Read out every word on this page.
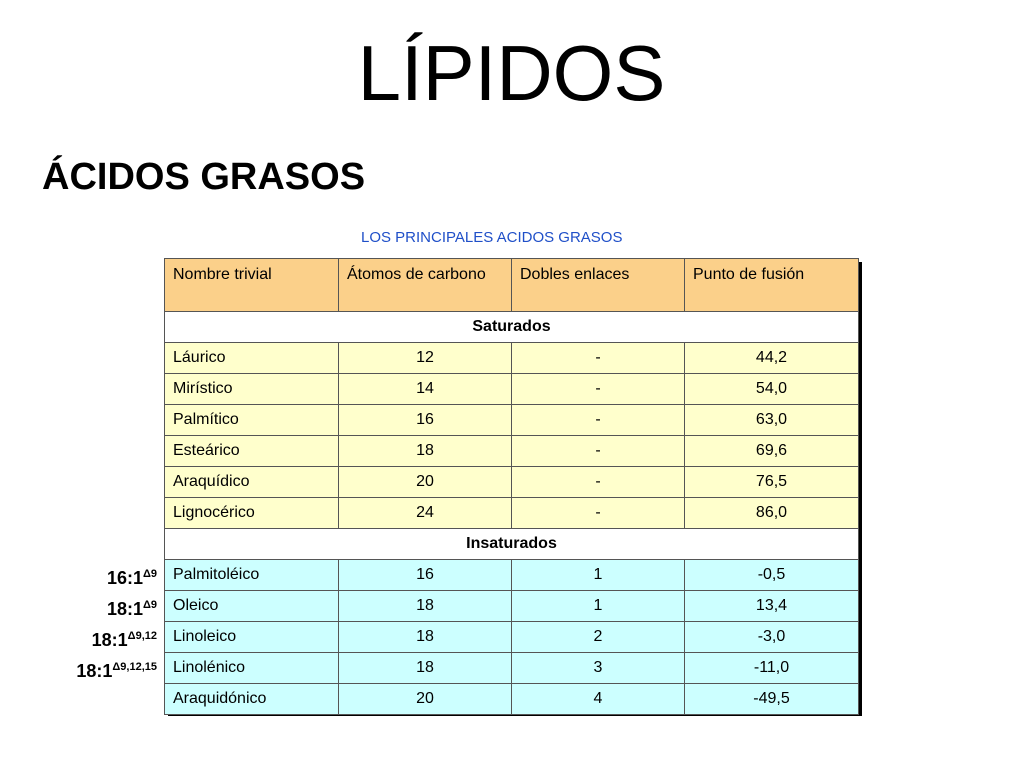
LÍPIDOS
ÁCIDOS GRASOS
LOS PRINCIPALES ACIDOS GRASOS
Nombre trivial	Átomos de carbono	Dobles enlaces	Punto de fusión
Saturados			
Láurico	12	-	44,2
Mirístico	14	-	54,0
Palmítico	16	-	63,0
Esteárico	18	-	69,6
Araquídico	20	-	76,5
Lignocérico	24	-	86,0
Insaturados			
Palmitoléico	16	1	-0,5
Oleico	18	1	13,4
Linoleico	18	2	-3,0
Linolénico	18	3	-11,0
Araquidónico	20	4	-49,5
$16:1^{\Delta 9}$
$18:1^{\Delta 9}$
$18:1^{\Delta 9,12}$
$18:1^{\Delta 9,12,15}$
